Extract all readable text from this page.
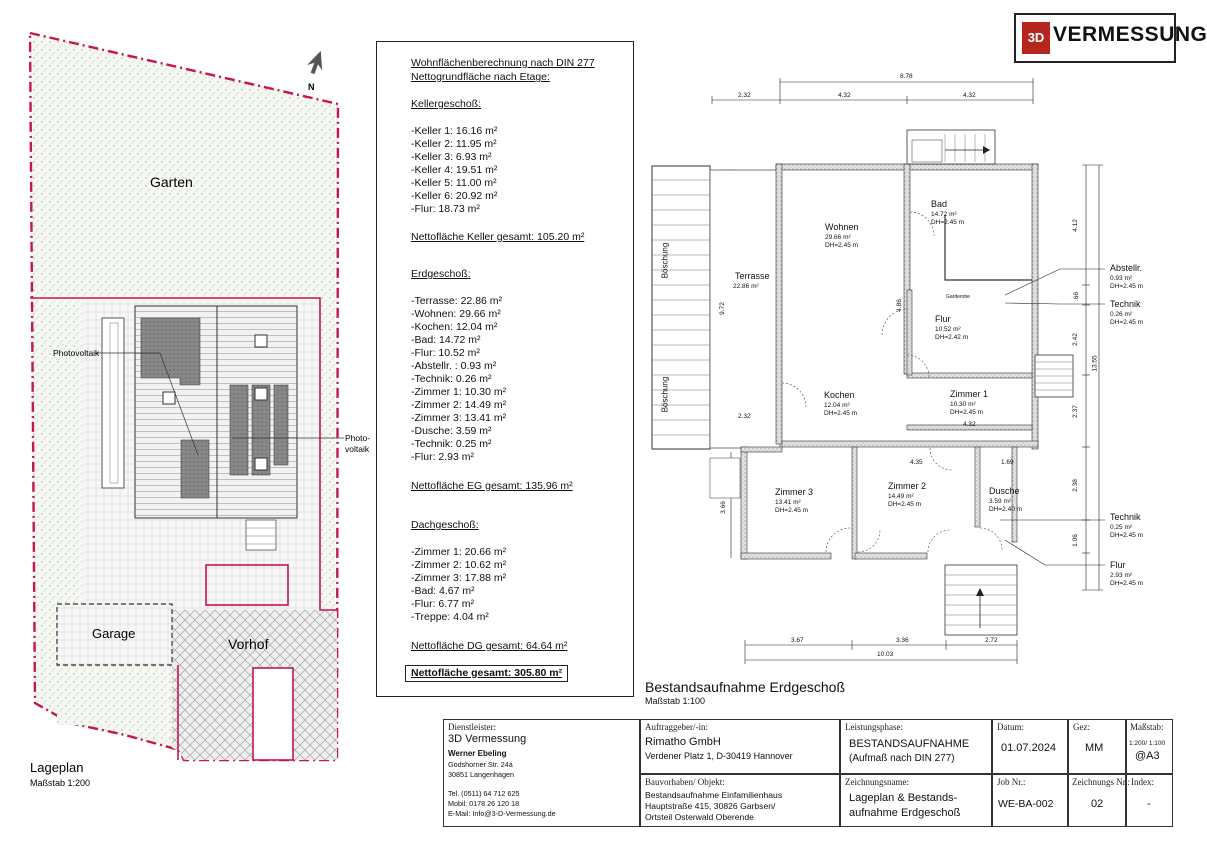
3D VERMESSUNG
N
Garten
Garage
Vorhof
Photovoltaik
Photo-
voltaik
Lageplan
Maßstab 1:200
Wohnflächenberechnung nach DIN 277
Nettogrundfläche nach Etage:
Kellergeschoß:
-Keller 1: 16.16 m²
-Keller 2: 11.95 m²
-Keller 3: 6.93 m²
-Keller 4: 19.51 m²
-Keller 5: 11.00 m²
-Keller 6: 20.92 m²
-Flur: 18.73 m²
Nettofläche Keller gesamt: 105.20 m²
Erdgeschoß:
-Terrasse: 22.86 m²
-Wohnen: 29.66 m²
-Kochen: 12.04 m²
-Bad: 14.72 m²
-Flur: 10.52 m²
-Abstellr. : 0.93 m²
-Technik: 0.26 m²
-Zimmer 1: 10.30 m²
-Zimmer 2: 14.49 m²
-Zimmer 3: 13.41 m²
-Dusche: 3.59 m²
-Technik: 0.25 m²
-Flur: 2.93 m²
Nettofläche EG gesamt: 135.96 m²
Dachgeschoß:
-Zimmer 1: 20.66 m²
-Zimmer 2: 10.62 m²
-Zimmer 3: 17.88 m²
-Bad: 4.67 m²
-Flur: 6.77 m²
-Treppe: 4.04 m²
Nettofläche DG gesamt: 64.64 m²
Nettofläche gesamt: 305.80 m²
8.78
2.32	4.32	4.32
3.67	3.36	2.72
10.03
4.12
.66
2.42
2.37
2.38
1.06
13.55
9.72
3.66
2.32
4.86
4.32
4.35	1.69
Böschung
Böschung
Terrasse
22.86 m²
Wohnen
29.66 m²
DH=2.45 m
Bad
14.72 m²
DH=2.45 m
Garderobe
Flur
10.52 m²
DH=2.42 m
Kochen
12.04 m²
DH=2.45 m
Zimmer 1
10.30 m²
DH=2.45 m
Zimmer 2
14.49 m²
DH=2.45 m
Zimmer 3
13.41 m²
DH=2.45 m
Dusche
3.59 m²
DH=2.40 m
Abstellr.
0.93 m²
DH=2.45 m
Technik
0.26 m²
DH=2.45 m
Technik
0.25 m²
DH=2.45 m
Flur
2.93 m²
DH=2.45 m
Bestandsaufnahme Erdgeschoß
Maßstab 1:100
Dienstleister:
3D Vermessung
Werner Ebeling
Godshorner Str. 24a
30851 Langenhagen
Tel. (0511) 64 712 625
Mobil: 0178 26 120 18
E-Mail: Info@3-D-Vermessung.de
Auftraggeber/-in:
Rimatho GmbH
Verdener Platz 1, D-30419 Hannover
Bauvorhaben/ Objekt:
Bestandsaufnahme Einfamilienhaus
Hauptstraße 415, 30826 Garbsen/
Ortsteil Osterwald Oberende
Leistungsphase:
BESTANDSAUFNAHME
(Aufmaß nach DIN 277)
Zeichnungsname:
Lageplan & Bestands-
aufnahme Erdgeschoß
Datum:
01.07.2024
Gez:
MM
Maßstab:
1:200/ 1:100
@A3
Job Nr.:
WE-BA-002
Zeichnungs Nr.:
02
Index:
-
